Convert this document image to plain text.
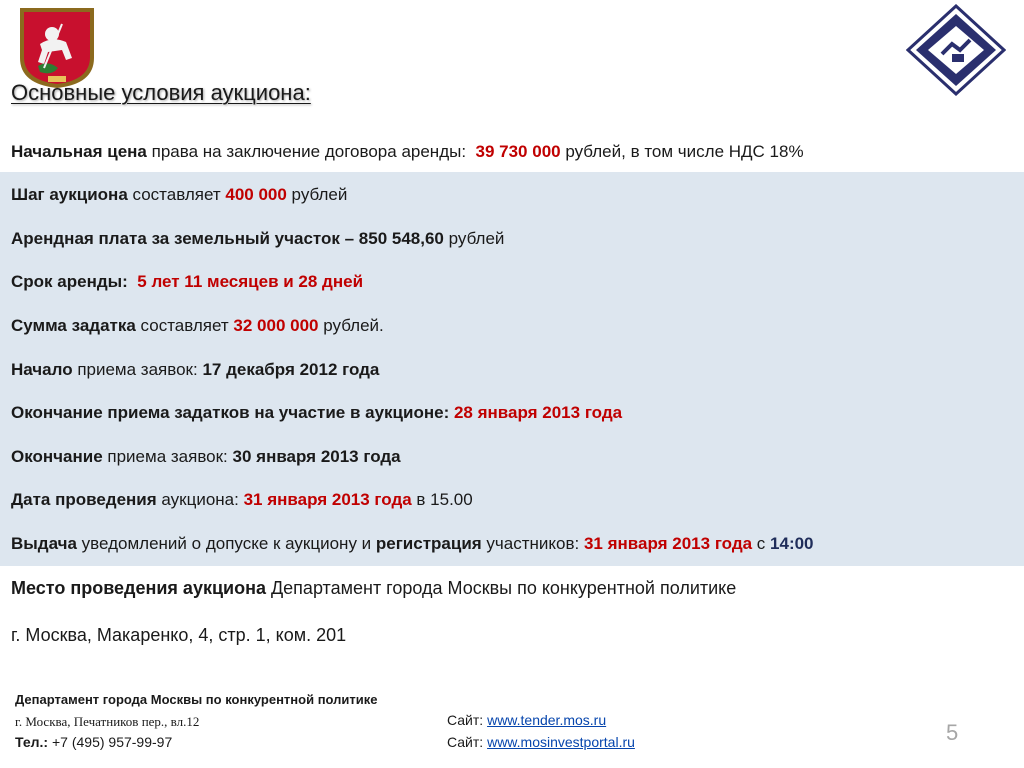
Основные условия аукциона:
Начальная цена права на заключение договора аренды:  39 730 000 рублей, в том числе НДС 18%
Шаг аукциона составляет 400 000 рублей
Арендная плата за земельный участок – 850 548,60 рублей
Срок аренды:  5 лет 11 месяцев и 28 дней
Сумма задатка составляет 32 000 000 рублей.
Начало приема заявок: 17 декабря 2012 года
Окончание приема задатков на участие в аукционе: 28 января 2013 года
Окончание приема заявок: 30 января 2013 года
Дата проведения аукциона: 31 января 2013 года в 15.00
Выдача уведомлений о допуске к аукциону и регистрация участников: 31 января 2013 года с 14:00
Место проведения аукциона Департамент города Москвы по конкурентной политике
г. Москва, Макаренко, 4, стр. 1, ком. 201
Департамент города Москвы по конкурентной политике
г. Москва, Печатников пер., вл.12
Тел.: +7 (495) 957-99-97
Сайт: www.tender.mos.ru
Сайт: www.mosinvestportal.ru	5
